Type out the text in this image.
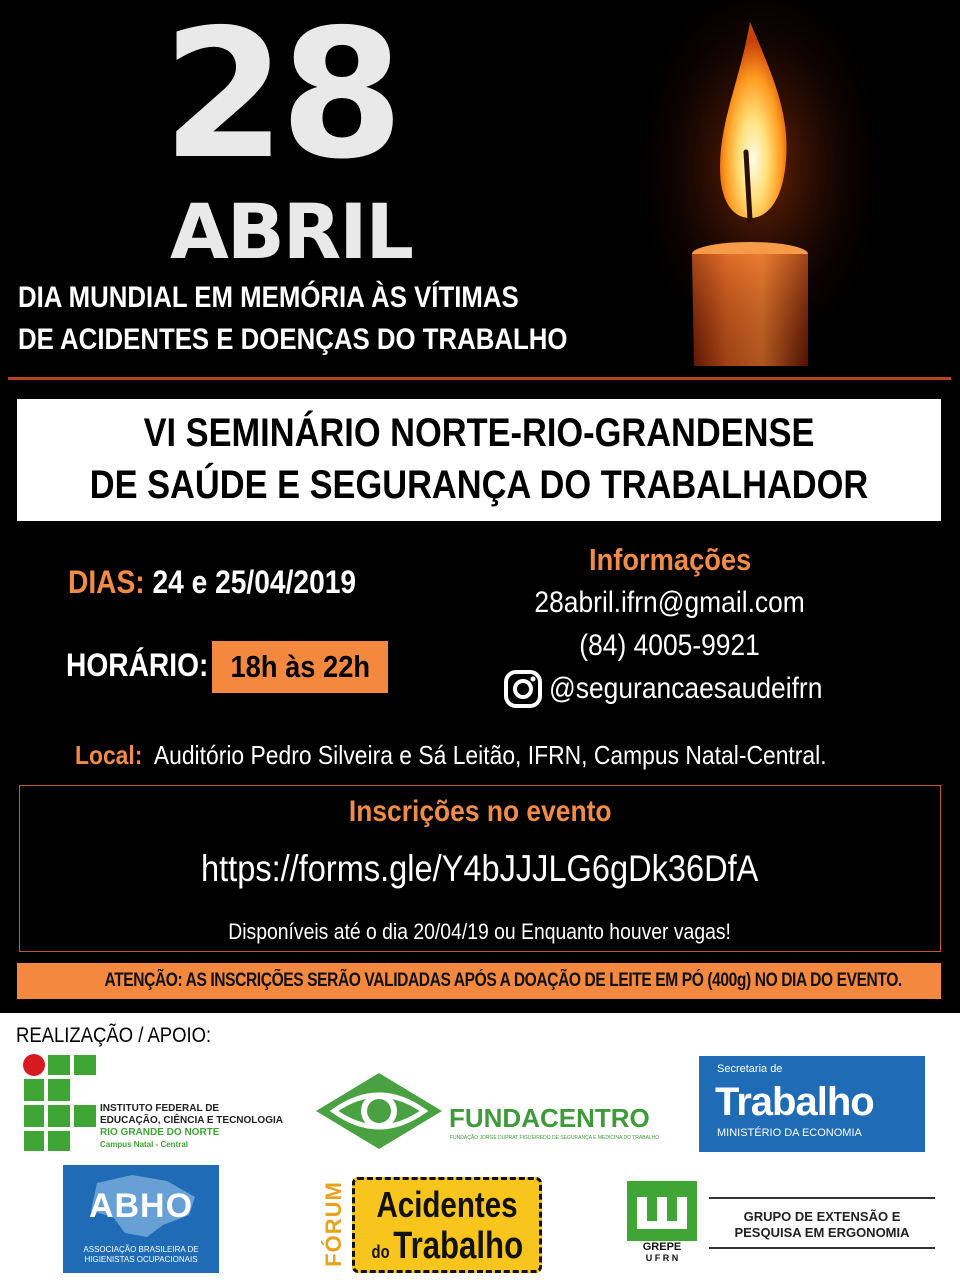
28
ABRIL
DIA MUNDIAL EM MEMÓRIA ÀS VÍTIMAS
DE ACIDENTES E DOENÇAS DO TRABALHO
VI SEMINÁRIO NORTE-RIO-GRANDENSE
DE SAÚDE E SEGURANÇA DO TRABALHADOR
DIAS: 24 e 25/04/2019
HORÁRIO: 18h às 22h
Informações
28abril.ifrn@gmail.com
(84) 4005-9921
@segurancaesaudeifrn
Local: Auditório Pedro Silveira e Sá Leitão, IFRN, Campus Natal-Central.
Inscrições no evento
https://forms.gle/Y4bJJJLG6gDk36DfA
Disponíveis até o dia 20/04/19 ou Enquanto houver vagas!
ATENÇÃO: AS INSCRIÇÕES SERÃO VALIDADAS APÓS A DOAÇÃO DE LEITE EM PÓ (400g) NO DIA DO EVENTO.
REALIZAÇÃO / APOIO:
INSTITUTO FEDERAL DE
EDUCAÇÃO, CIÊNCIA E TECNOLOGIA
RIO GRANDE DO NORTE
Campus Natal - Central
FUNDACENTRO
FUNDAÇÃO JORGE DUPRAT FIGUEIREDO DE SEGURANÇA E MEDICINA DO TRABALHO
Secretaria de
Trabalho
MINISTÉRIO DA ECONOMIA
ABHO
ASSOCIAÇÃO BRASILEIRA DE
HIGIENISTAS OCUPACIONAIS	FÓRUM Acidentes
do Trabalho	GREPE
U F R N
GRUPO DE EXTENSÃO E
PESQUISA EM ERGONOMIA
